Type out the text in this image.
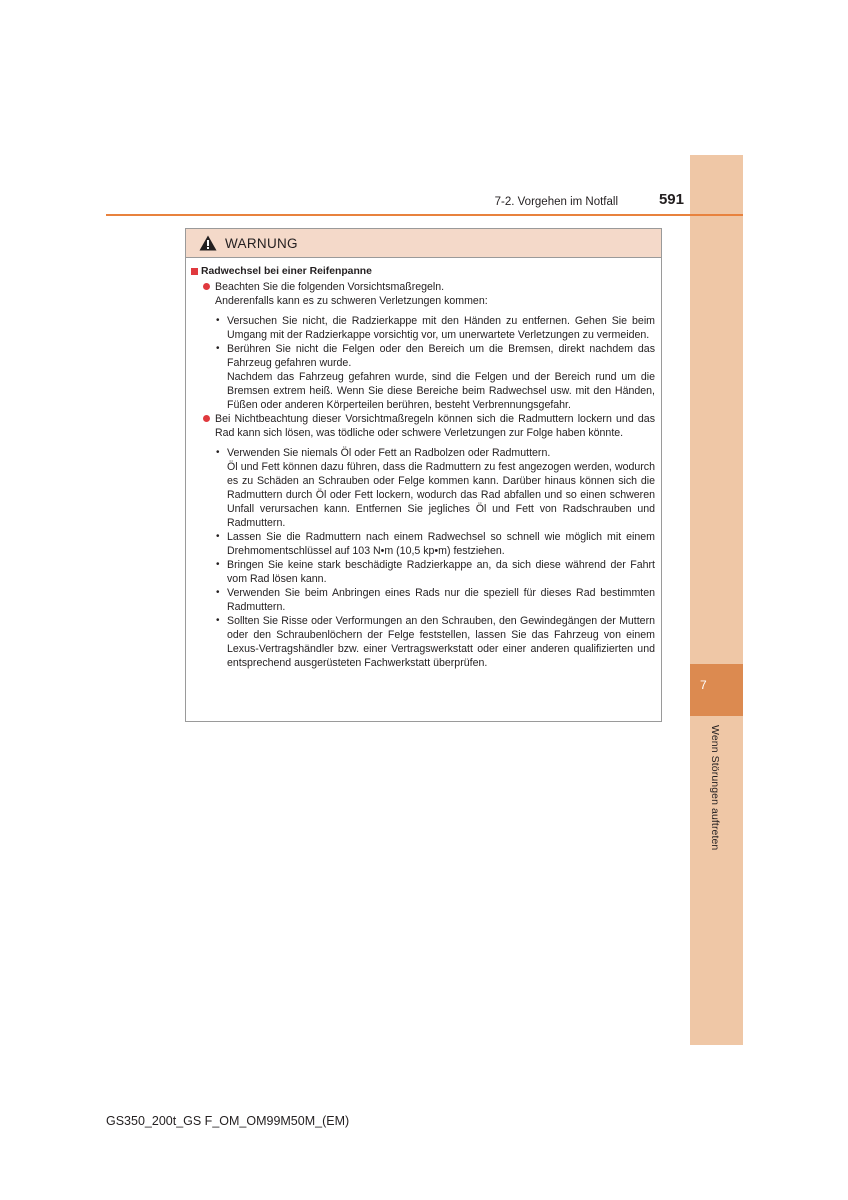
7
Wenn Störungen auftreten
7-2. Vorgehen im Notfall	591
WARNUNG
Radwechsel bei einer Reifenpanne
Beachten Sie die folgenden Vorsichtsmaßregeln.
Anderenfalls kann es zu schweren Verletzungen kommen:
• Versuchen Sie nicht, die Radzierkappe mit den Händen zu entfernen. Gehen Sie beim Umgang mit der Radzierkappe vorsichtig vor, um unerwartete Verletzungen zu vermeiden.
• Berühren Sie nicht die Felgen oder den Bereich um die Bremsen, direkt nachdem das Fahrzeug gefahren wurde.
Nachdem das Fahrzeug gefahren wurde, sind die Felgen und der Bereich rund um die Bremsen extrem heiß. Wenn Sie diese Bereiche beim Radwechsel usw. mit den Händen, Füßen oder anderen Körperteilen berühren, besteht Verbrennungsgefahr.
Bei Nichtbeachtung dieser Vorsichtmaßregeln können sich die Radmuttern lockern und das Rad kann sich lösen, was tödliche oder schwere Verletzungen zur Folge haben könnte.
• Verwenden Sie niemals Öl oder Fett an Radbolzen oder Radmuttern.
Öl und Fett können dazu führen, dass die Radmuttern zu fest angezogen werden, wodurch es zu Schäden an Schrauben oder Felge kommen kann. Darüber hinaus können sich die Radmuttern durch Öl oder Fett lockern, wodurch das Rad abfallen und so einen schweren Unfall verursachen kann. Entfernen Sie jegliches Öl und Fett von Radschrauben und Radmuttern.
• Lassen Sie die Radmuttern nach einem Radwechsel so schnell wie möglich mit einem Drehmomentschlüssel auf 103 N•m (10,5 kp•m) festziehen.
• Bringen Sie keine stark beschädigte Radzierkappe an, da sich diese während der Fahrt vom Rad lösen kann.
• Verwenden Sie beim Anbringen eines Rads nur die speziell für dieses Rad bestimmten Radmuttern.
• Sollten Sie Risse oder Verformungen an den Schrauben, den Gewindegängen der Muttern oder den Schraubenlöchern der Felge feststellen, lassen Sie das Fahrzeug von einem Lexus-Vertragshändler bzw. einer Vertragswerkstatt oder einer anderen qualifizierten und entsprechend ausgerüsteten Fachwerkstatt überprüfen.
GS350_200t_GS F_OM_OM99M50M_(EM)
